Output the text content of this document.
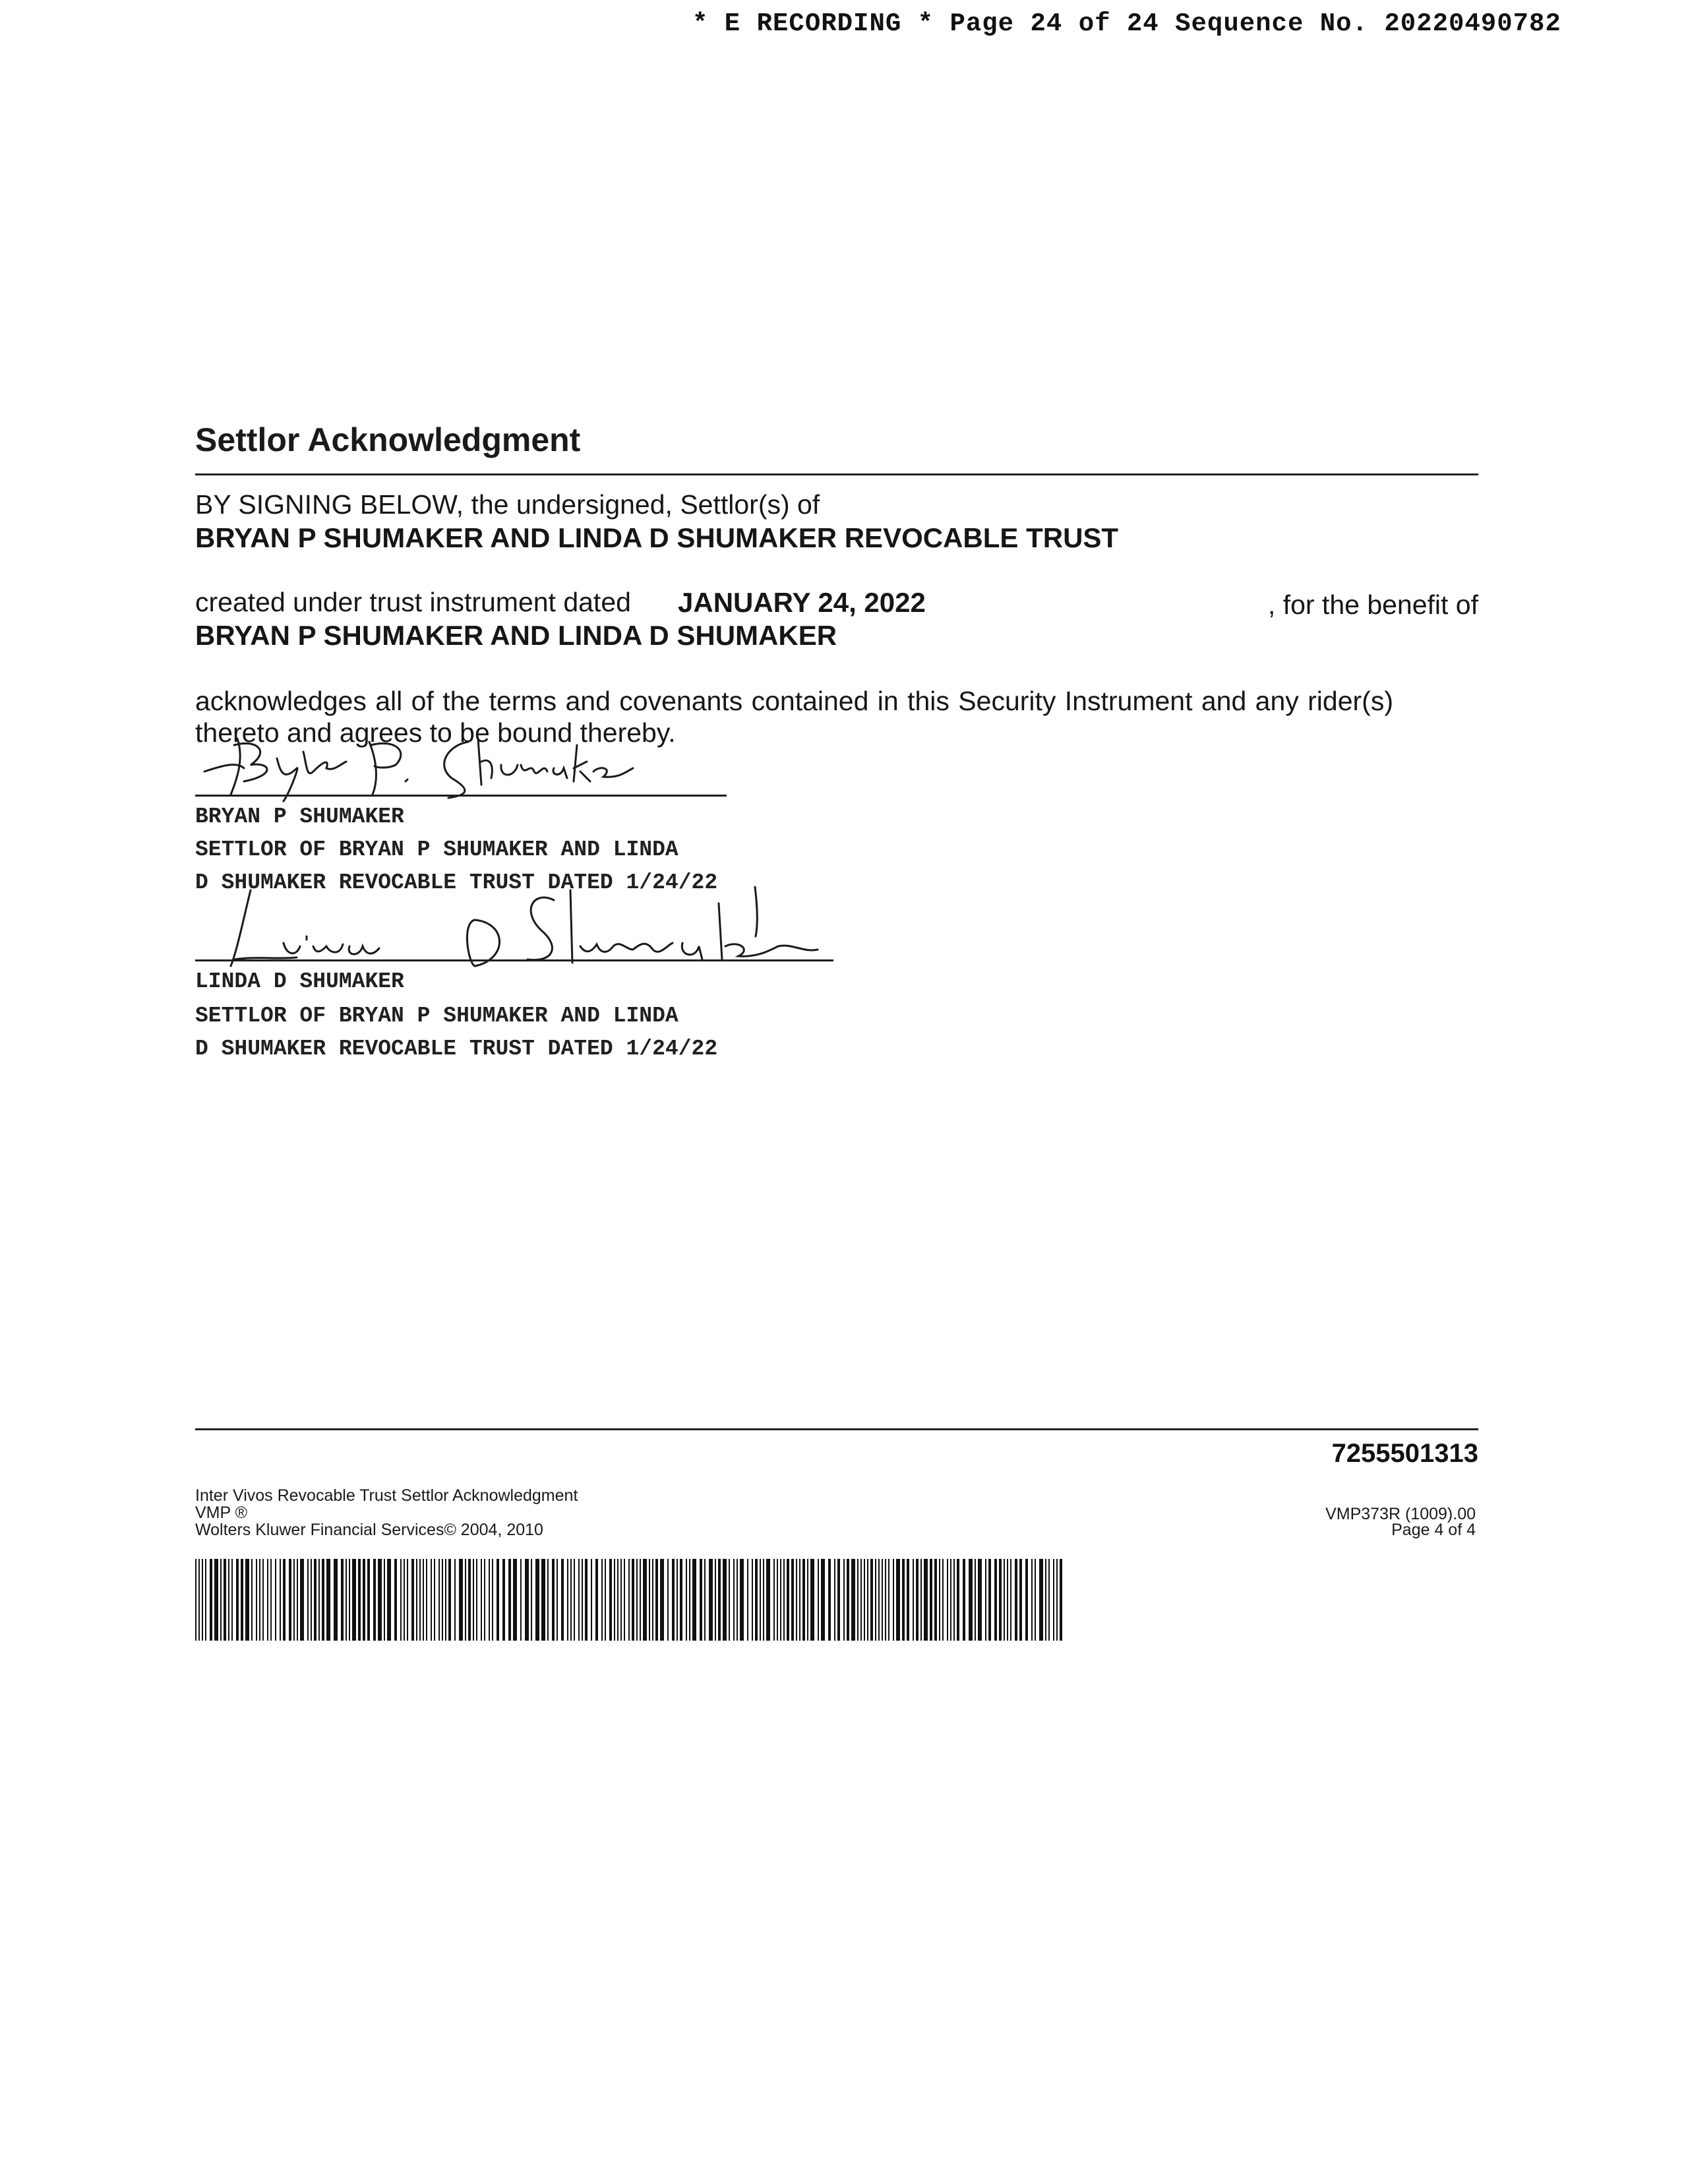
* E RECORDING * Page 24 of 24 Sequence No. 20220490782
Settlor Acknowledgment
BY SIGNING BELOW, the undersigned, Settlor(s) of
BRYAN P SHUMAKER AND LINDA D SHUMAKER REVOCABLE TRUST
created under trust instrument dated JANUARY 24, 2022	, for the benefit of
BRYAN P SHUMAKER AND LINDA D SHUMAKER
acknowledges all of the terms and covenants contained in this Security Instrument and any rider(s)
thereto and agrees to be bound thereby.
BRYAN P SHUMAKER
SETTLOR OF BRYAN P SHUMAKER AND LINDA
D SHUMAKER REVOCABLE TRUST DATED 1/24/22
LINDA D SHUMAKER
SETTLOR OF BRYAN P SHUMAKER AND LINDA
D SHUMAKER REVOCABLE TRUST DATED 1/24/22
7255501313
Inter Vivos Revocable Trust Settlor Acknowledgment
VMP ®
Wolters Kluwer Financial Services© 2004, 2010
VMP373R (1009).00
Page 4 of 4
